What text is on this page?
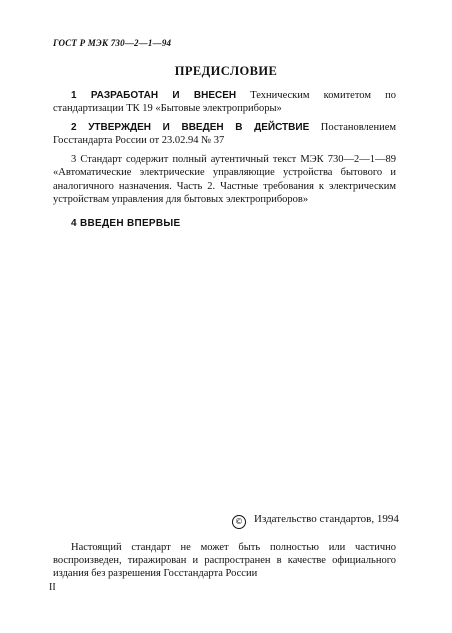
ГОСТ Р МЭК 730—2—1—94
ПРЕДИСЛОВИЕ
1 РАЗРАБОТАН И ВНЕСЕН Техническим комитетом по стандартизации ТК 19 «Бытовые электроприборы»
2 УТВЕРЖДЕН И ВВЕДЕН В ДЕЙСТВИЕ Постановлением Госстандарта России от 23.02.94 № 37
3 Стандарт содержит полный аутентичный текст МЭК 730—2—1—89 «Автоматические электрические управляющие устройства бытового и аналогичного назначения. Часть 2. Частные требования к электрическим устройствам управления для бытовых электроприборов»
4 ВВЕДЕН ВПЕРВЫЕ
© Издательство стандартов, 1994
Настоящий стандарт не может быть полностью или частично воспроизведен, тиражирован и распространен в качестве официального издания без разрешения Госстандарта России
II
